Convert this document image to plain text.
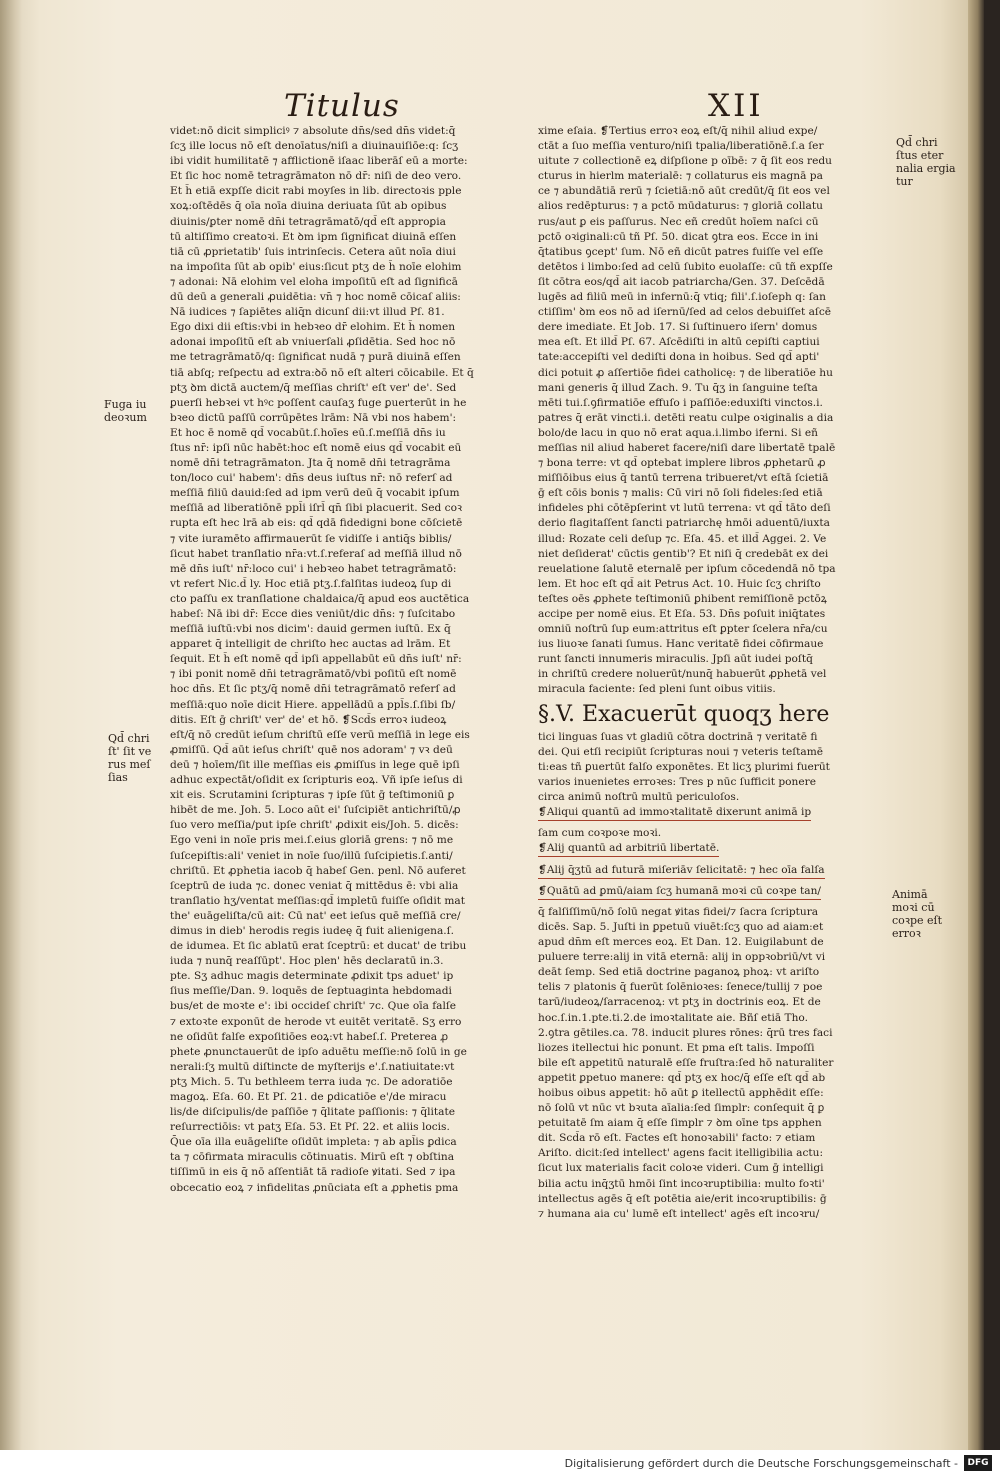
Titulus	XII

Fuga iu

deoꝛum

Qd̄ chri

ſt' ſit ve

rus meſ

ſias

Qd̄ chri

ſtus eter

nalia ergia

tur

Animā

moꝛi cū

coꝛpe eſt

erroꝛ

videt:nō dicit simpliciꝰ ⁊ absolute dn̄s/sed dn̄s videt:q̄

ſcʒ ille locus nō eſt denoīatus/niſi a diuinauiſiōe:q: ſcʒ

ibi vidit humilitatē ⁊ afflictionē iſaac liberāſ eū a morte:

Et ſic hoc nomē tetragrāmaton nō dr̄: niſi de deo vero.

Et h̄ etiā expſſe dicit rabi moyſes in lib. directoꝛis pple

xoꝝ:oſtēdēs q̄ oīa noīa diuina deriuata ſūt ab opibus

diuinis/ꝑter nomē dn̄i tetragrāmatō/qd̄ eſt approꝑia

tū altiſſimo creatoꝛi. Et ꝺm ipm ſignificat diuinā eſſen

tiā cū ꝓprietatib' ſuis intrinſecis. Cetera aūt noīa diui

na impoſita ſūt ab opib' eius:ſicut ptʒ de h̄ noīe elohim

⁊ adonai: Nā elohim vel eloha impoſitū eſt ad ſignificā

dū deū a generali ꝓuidētia: vn̄ ⁊ hoc nomē cōicaſ aliis:

Nā iudices ⁊ ſapiētes aliq̄n dicunſ dii:vt illud Pſ. 81.

Ego dixi dii eſtis:vbi in hebꝛeo dr̄ elohim. Et h̄ nomen

adonai impoſitū eſt ab vniuerſali ꝓſidētia. Sed hoc nō

me tetragrāmatō/q: ſignificat nudā ⁊ purā diuinā eſſen

tiā abſq; reſpectu ad extra:ꝺō nō eſt alteri cōicabile. Et q̄

ptʒ ꝺm dictā auctem/q̄ meſſias chriſt' eſt ver' de'. Sed

ꝑuerſi hebꝛei vt hꝰc poſſent cauſaʒ fuge ꝑuerterūt in he

bꝛeo dictū paſſū corrūpētes lrām: Nā vbi nos habem':

Et hoc ē nomē qd̄ vocabūt.ſ.hoīes eū.ſ.meſſiā dn̄s iu

ſtus nr̄: ipſi nūc habēt:hoc eſt nomē eius qd̄ vocabit eū

nomē dn̄i tetragrāmaton. Jta q̄ nomē dn̄i tetragrāma

ton/loco cui' habem': dn̄s deus iuſtus nr̄: nō referſ ad

meſſiā filiū dauid:ſed ad ipm verū deū q̄ vocabit ipſum

meſſiā ad liberatiōnē ppl̄i iſrl̄ qn̄ ſibi placuerit. Sed coꝛ

rupta eſt hec lrā ab eis: qd̄ qdā fidedigni bone cōſcietē

⁊ vite iuramēto affirmauerūt ſe vidiſſe i antiq̄s biblis/

ſicut habet tranſlatio nr̄a:vt.ſ.referaſ ad meſſiā illud nō

mē dn̄s iuſt' nr̄:loco cui' i hebꝛeo habet tetragrāmatō:

vt refert Nic.d̄ ly. Hoc etiā ptʒ.ſ.falſitas iudeoꝝ ſup di

cto paſſu ex tranſlatione chaldaica/q̄ apud eos auctētica

habeſ: Nā ibi dr̄: Ecce dies veniūt/dic dn̄s: ⁊ ſuſcitabo

meſſiā iuſtū:vbi nos dicim': dauid germen iuſtū. Ex q̄

apparet q̄ intelligit de chriſto hec auctas ad lrām. Et

ſequit. Et h̄ eſt nomē qd̄ ipſi appellabūt eū dn̄s iuſt' nr̄:

⁊ ibi ponit nomē dn̄i tetragrāmatō/vbi poſitū eſt nomē

hoc dn̄s. Et ſic ptʒ/q̄ nomē dn̄i tetragrāmatō referſ ad

meſſiā:quo noīe dicit Hiere. appellādū a ppl̄s.ſ.ſibi ſb/

ditis. Eſt ḡ chriſt' ver' de' et hō. ❡Scd̄s erroꝛ iudeoꝝ

eſt/q̄ nō credūt ieſum chriſtū eſſe verū meſſiā in lege eis

ꝓmiſſū. Qd̄ aūt ieſus chriſt' quē nos adoram' ⁊ vꝛ deū

deū ⁊ hoīem/ſit ille meſſias eis ꝓmiſſus in lege quē ipſi

adhuc expectāt/oſidit ex ſcripturis eoꝝ. Vñ ipſe ieſus di

xit eis. Scrutamini ſcripturas ⁊ ipſe ſūt ḡ teſtimoniū ꝑ

hibēt de me. Joh. 5. Loco aūt ei' ſuſcipiēt antichriſtū/ꝓ

ſuo vero meſſia/put ipſe chriſt' ꝓdixit eis/Joh. 5. dicēs:

Ego veni in noīe pris mei.ſ.eius gloriā grens: ⁊ nō me

ſuſcepiſtis:ali' veniet in noīe ſuo/illū ſuſcipietis.ſ.anti/

chriſtū. Et ꝓphetia iacob q̄ habeſ Gen. penl. Nō auferet

ſceptrū de iuda ⁊c. donec veniat q̄ mittēdus ē: vbi alia

tranſlatio hʒ/ventat meſſias:qd̄ impletū fuiſſe oſidit mat

the' euāgeliſta/cū ait: Cū nat' eet ieſus quē meſſiā cre/

dimus in dieb' herodis regis iudeę q̄ fuit alienigena.ſ.

de idumea. Et ſic ablatū erat ſceptrū: et ducat' de tribu

iuda ⁊ nunq̄ reaſſūpt'. Hoc plen' hēs declaratū in.3.

pte. Sʒ adhuc magis determinate ꝓdixit tps aduet' ip

ſius meſſie/Dan. 9. loquēs de ſeptuaginta hebdomadi

bus/et de moꝛte e': ibi occideſ chriſt' ⁊c. Que oīa falſe

⁊ extoꝛte exponūt de herode vt euitēt veritatē. Sʒ erro

ne oſidūt falſe expoſitiōes eoꝝ:vt habeſ.ſ. Preterea ꝓ

phete ꝓnunctauerūt de ipſo aduētu meſſie:nō ſolū in ge

nerali:ſʒ multū diſtincte de myſterijs e'.ſ.natiuitate:vt

ptʒ Mich. 5. Tu bethleem terra iuda ⁊c. De adoratiōe

magoꝝ. Eſa. 60. Et Pſ. 21. de ꝑdicatiōe e'/de miracu

lis/de diſcipulis/de paſſiōe ⁊ q̄litate paſſionis: ⁊ q̄litate

reſurrectiōis: vt patʒ Eſa. 53. Et Pſ. 22. et aliis locis.

Q̄ue oīa illa euāgeliſte oſidūt impleta: ⁊ ab apl̄is ꝑdica

ta ⁊ cōfirmata miraculis cōtinuatis. Mirū eſt ⁊ obſtina

tiſſimū in eis q̄ nō aſſentiāt tā radioſe ꝟitati. Sed ⁊ ipa

obcecatio eoꝝ ⁊ infidelitas ꝓnūciata eſt a ꝓphetis pma

xime eſaia. ❡Tertius erroꝛ eoꝝ eſt/q̄ nihil aliud expe/

ctāt a ſuo meſſia venturo/niſi tpalia/liberatiōnē.ſ.a ſer

uitute ⁊ collectionē eꝝ diſpſione p oībē: ⁊ q̄ ſit eos redu

cturus in hierlm materialē: ⁊ collaturus eis magnā pa

ce ⁊ abundātiā rerū ⁊ ſcietiā:nō aūt credūt/q̄ ſit eos vel

alios redēpturus: ⁊ a pctō mūdaturus: ⁊ gloriā collatu

rus/aut ꝑ eis paſſurus. Nec eñ credūt hoīem naſci cū

pctō oꝛiginali:cū tñ Pſ. 50. dicat ꝯtra eos. Ecce in ini

q̄tatibus ꝯcept' ſum. Nō eñ dicūt patres fuiſſe vel eſſe

detētos i limbo:ſed ad celū ſubito euolaſſe: cū tñ expſſe

ſit cōtra eos/qd̄ ait iacob patriarcha/Gen. 37. Deſcēdā

lugēs ad filiū meū in infernū:q̄ vtiq; fili'.ſ.ioſeph q: ſan

ctiſſim' ꝺm eos nō ad iſernū/ſed ad celos debuiſſet aſcē

dere imediate. Et Job. 17. Si ſuſtinuero iſern' domus

mea eſt. Et illd̄ Pſ. 67. Aſcēdiſti in altū cepiſti captiui

tate:accepiſti vel dediſti dona in hoibus. Sed qd̄ apti'

dici potuit ꝓ aſſertiōe fidei catholicę: ⁊ de liberatiōe hu

mani generis q̄ illud Zach. 9. Tu q̄ʒ in ſanguine teſta

mēti tui.ſ.ꝯfirmatiōe effuſo i paſſiōe:eduxiſti vinctos.i.

patres q̄ erāt vincti.i. detēti reatu culpe oꝛiginalis a dia

bolo/de lacu in quo nō erat aqua.i.limbo iferni. Si eñ

meſſias nil aliud haberet facere/niſi dare libertatē tpalē

⁊ bona terre: vt qd̄ optebat implere libros ꝓphetarū ꝓ

miſſiōibus eius q̄ tantū terrena tribueret/vt eſtā ſcietiā

ḡ eſt cōis bonis ⁊ malis: Cū viri nō ſoli fideles:ſed etiā

infideles phi cōtēpſerint vt lutū terrena: vt qd̄ tāto deſi

derio flagitaſſent ſancti patriarchę hmōi aduentū/iuxta

illud: Rozate celi deſup ⁊c. Eſa. 45. et illd̄ Aggei. 2. Ve

niet deſiderat' cūctis gentib'? Et niſi q̄ credebāt ex dei

reuelatione ſalutē eternalē per ipſum cōcedendā nō tpa

lem. Et hoc eſt qd̄ ait Petrus Act. 10. Huic ſcʒ chriſto

teſtes oēs ꝓphete teſtimoniū ꝑhibent remiſſionē pctōꝝ

accipe per nomē eius. Et Eſa. 53. Dn̄s poſuit iniq̄tates

omniū noſtrū ſup eum:attritus eſt ꝑpter ſcelera nr̄a/cu

ius liuoꝛe ſanati ſumus. Hanc veritatē fidei cōfirmaue

runt ſancti innumeris miraculis. Jpſi aūt iudei poſtq̄

in chriſtū credere noluerūt/nunq̄ habuerūt ꝓphetā vel

miracula faciente: ſed pleni ſunt oibus vitiis.

§.V. Exacuerūt quoqʒ here

tici linguas ſuas vt gladiū cōtra doctrinā ⁊ veritatē fi

dei. Qui etſi recipiūt ſcripturas noui ⁊ veteris teſtamē

ti:eas tñ ꝑuertūt falſo exponētes. Et licʒ plurimi fuerūt

varios inuenietes erroꝛes: Tres p nūc ſufficit ponere

circa animū noſtrū multū periculoſos.

❡Aliqui quantū ad immoꝛtalitatē dixerunt animā ip

ſam cum coꝛpoꝛe moꝛi.

❡Alij quantū ad arbitriū libertatē.

❡Alij q̄ʒtū ad futurā miſeriāv ſelicitatē: ⁊ hec oīa falſa

❡Quātū ad ꝑmū/aiam ſcʒ humanā moꝛi cū coꝛpe tan/

q̄ falſiſſimū/nō ſolū negat ꝟitas fidei/⁊ ſacra ſcriptura

dicēs. Sap. 5. Juſti in ꝑpetuū viuēt:ſcʒ quo ad aiam:et

apud dn̄m eſt merces eoꝝ. Et Dan. 12. Euigilabunt de

puluere terre:alij in vitā eternā: alij in oppꝛobriū/vt vi

deāt ſemp. Sed etiā doctrine paganoꝝ phoꝝ: vt ariſto

telis ⁊ platonis q̄ fuerūt ſolēnioꝛes: ſenece/tullij ⁊ poe

tarū/iudeoꝝ/ſarracenoꝝ: vt ptʒ in doctrinis eoꝝ. Et de

hoc.ſ.in.1.pte.ti.2.de imoꝛtalitate aie. Bñſ etiā Tho.

2.ꝯtra gētiles.ca. 78. inducit plures rōnes: q̄rū tres faci

liozes itellectui hic ponunt. Et pma eſt talis. Impoſſi

bile eſt appetitū naturalē eſſe fruſtra:ſed hō naturaliter

appetit ꝑpetuo manere: qd̄ ptʒ ex hoc/q̄ eſſe eſt qd̄ ab

hoibus oibus appetit: hō aūt ꝑ itellectū apphēdit eſſe:

nō ſolū vt nūc vt bꝛuta aīalia:ſed ſimplr: conſequit q̄ ꝑ

petuitatē ſm aiam q̄ eſſe ſimplr ⁊ ꝺm oīne tps apphen

dit. Scd̄a rō eſt. Factes eſt honoꝛabili' facto: ⁊ etiam

Ariſto. dicit:ſed intellect' agens facit itelligibilia actu:

ſicut lux materialis facit coloꝛe videri. Cum ḡ intelligi

bilia actu inq̄ʒtū hmōi ſint incoꝛruptibilia: multo foꝛti'

intellectus agēs q̄ eſt potētia aie/erit incoꝛruptibilis: ḡ

⁊ humana aia cu' lumē eſt intellect' agēs eſt incoꝛru/

Digitalisierung gefördert durch die Deutsche Forschungsgemeinschaft -	DFG
